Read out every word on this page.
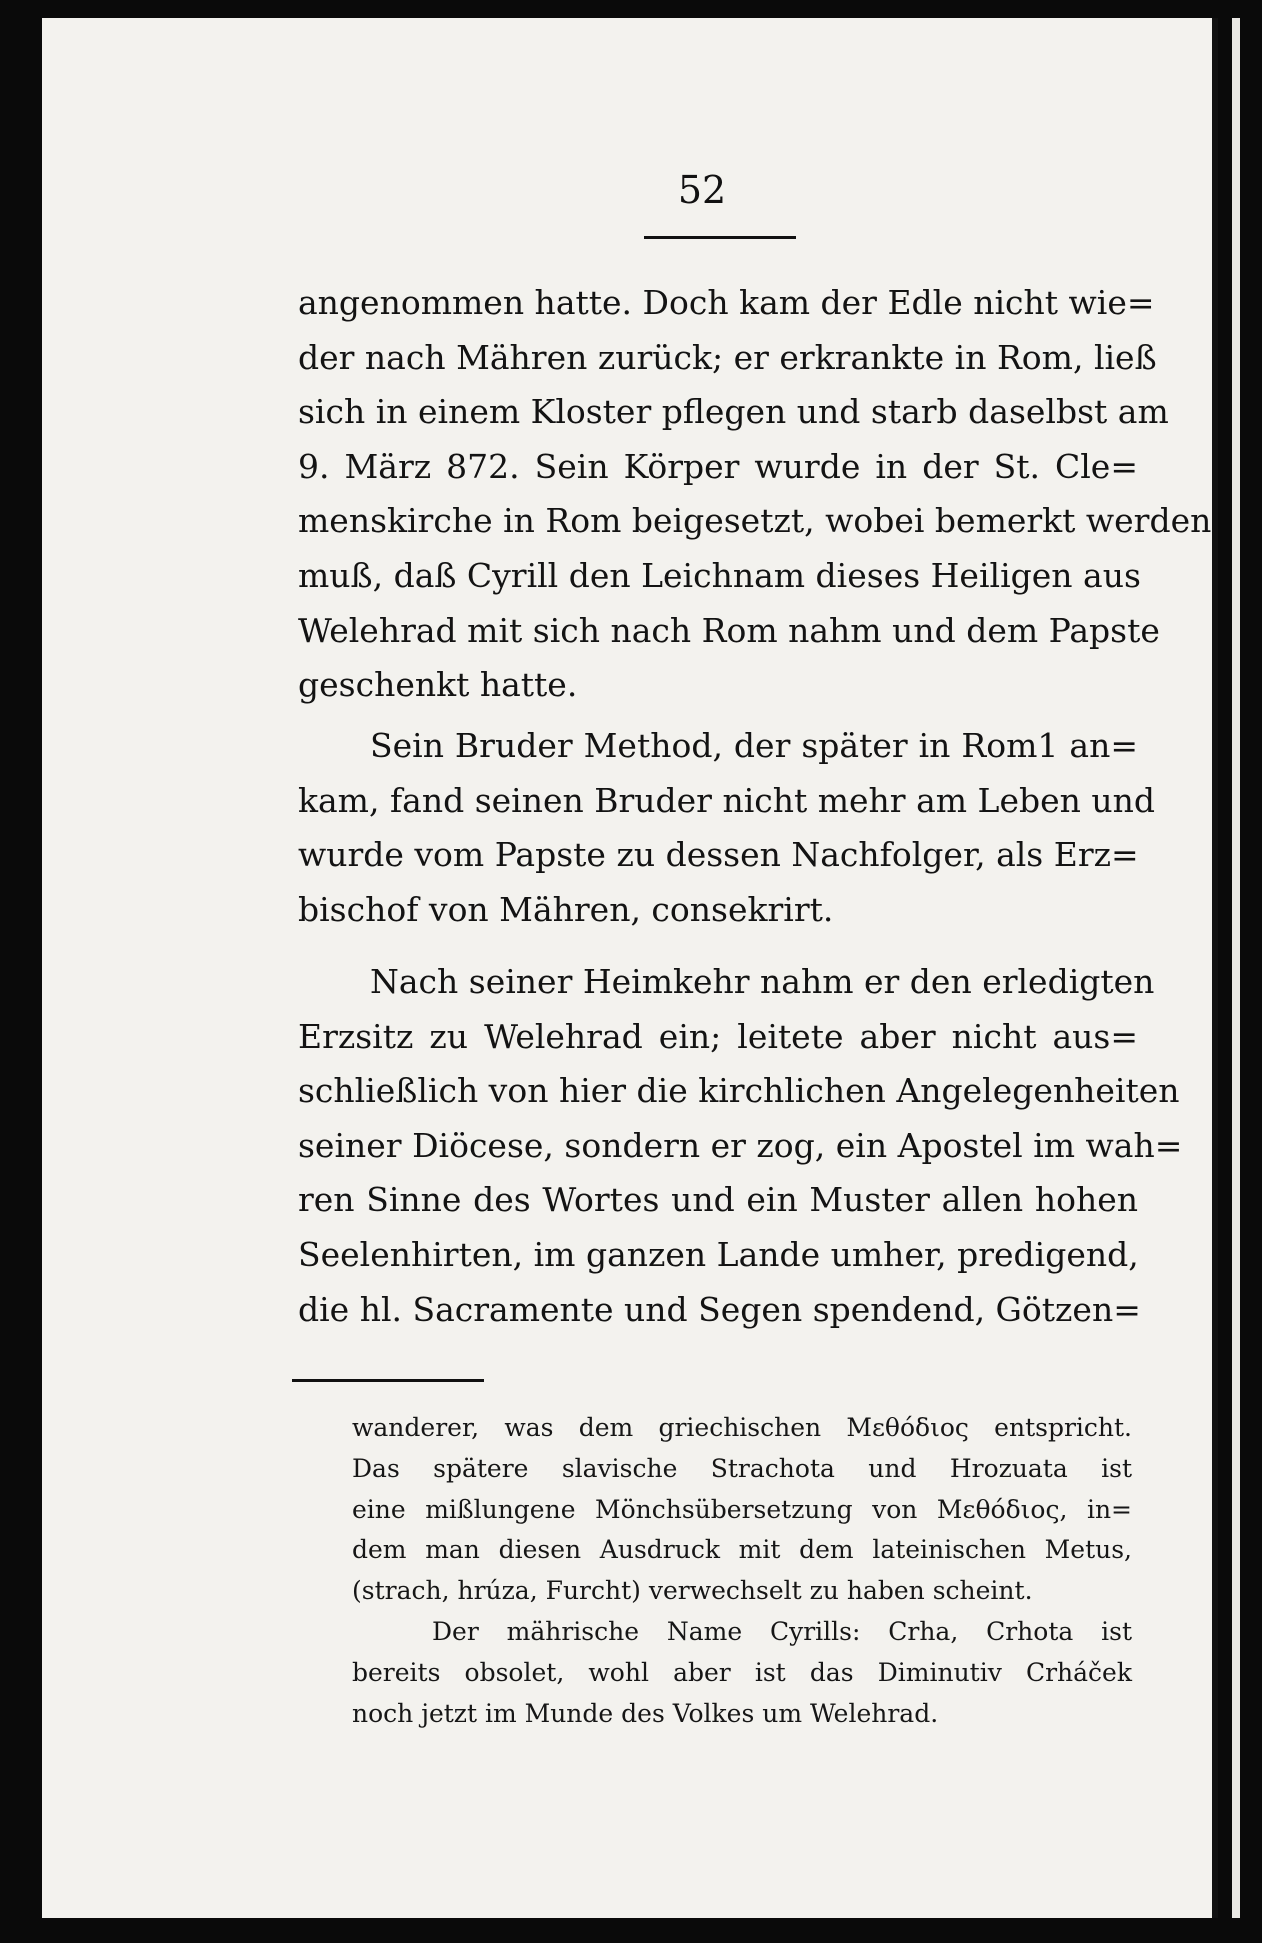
52
angenommen hatte. Doch kam der Edle nicht wie=
der nach Mähren zurück; er erkrankte in Rom, ließ
sich in einem Kloster pflegen und starb daselbst am
9. März 872. Sein Körper wurde in der St. Cle=
menskirche in Rom beigesetzt, wobei bemerkt werden
muß, daß Cyrill den Leichnam dieses Heiligen aus
Welehrad mit sich nach Rom nahm und dem Papste
geschenkt hatte.
Sein Bruder Method, der später in Rom1 an=
kam, fand seinen Bruder nicht mehr am Leben und
wurde vom Papste zu dessen Nachfolger, als Erz=
bischof von Mähren, consekrirt.
Nach seiner Heimkehr nahm er den erledigten
Erzsitz zu Welehrad ein; leitete aber nicht aus=
schließlich von hier die kirchlichen Angelegenheiten
seiner Diöcese, sondern er zog, ein Apostel im wah=
ren Sinne des Wortes und ein Muster allen hohen
Seelenhirten, im ganzen Lande umher, predigend,
die hl. Sacramente und Segen spendend, Götzen=
wanderer, was dem griechischen Μεθόδιος entspricht.
Das spätere slavische Strachota und Hrozuata ist
eine mißlungene Mönchsübersetzung von Μεθόδιος, in=
dem man diesen Ausdruck mit dem lateinischen Metus,
(strach, hrúza, Furcht) verwechselt zu haben scheint.
Der mährische Name Cyrills: Crha, Crhota ist
bereits obsolet, wohl aber ist das Diminutiv Crháček
noch jetzt im Munde des Volkes um Welehrad.
